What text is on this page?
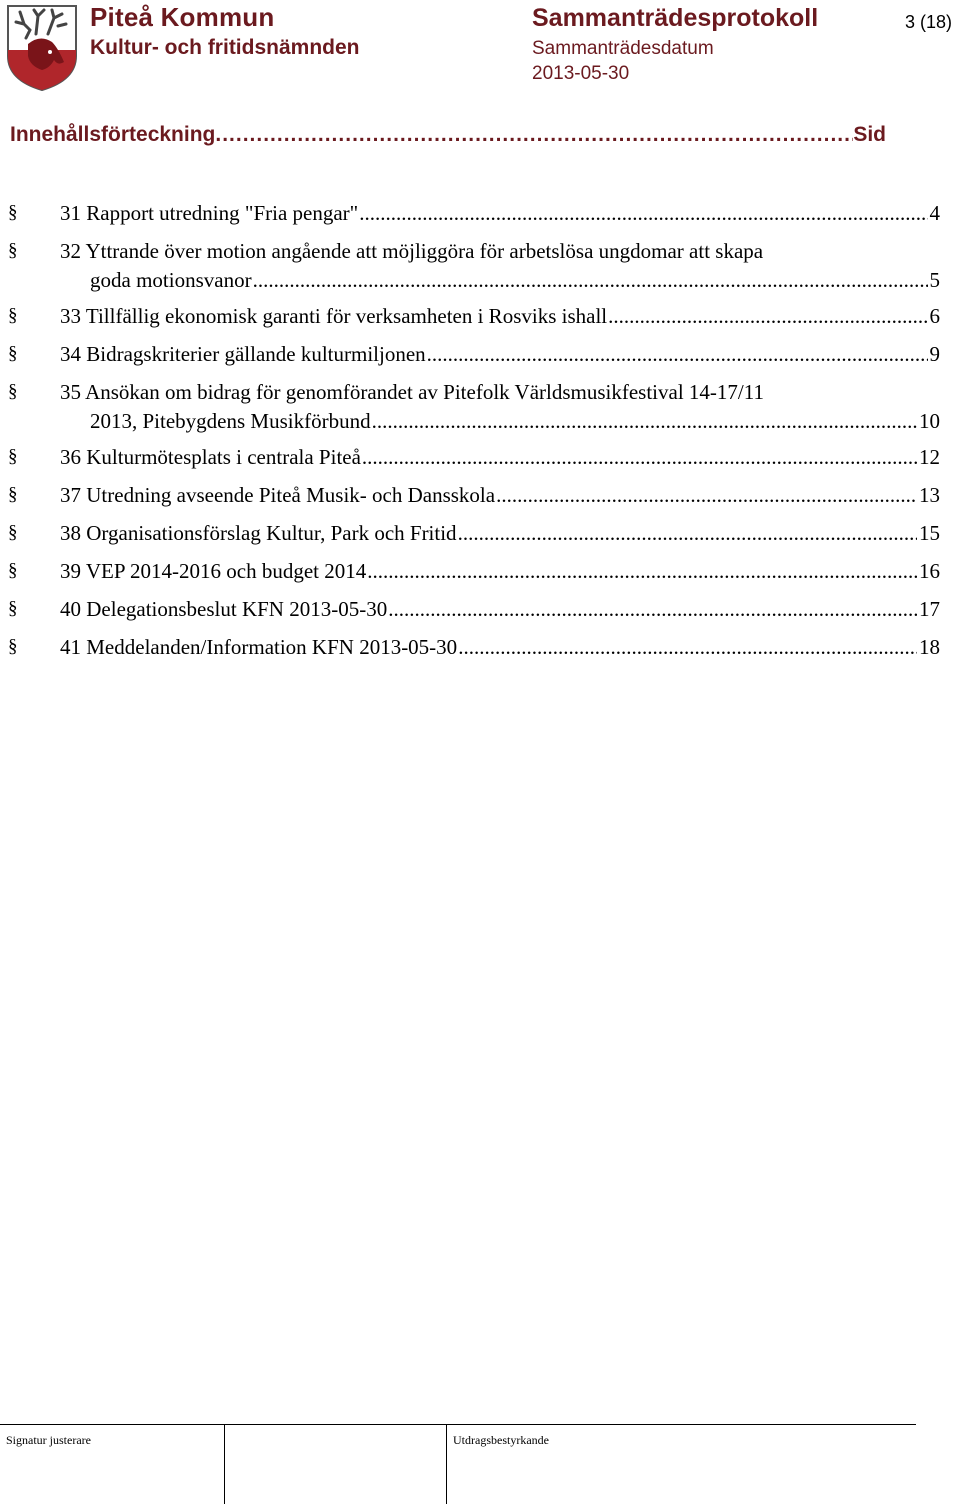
Piteå Kommun
Kultur- och fritidsnämnden
Sammanträdesprotokoll
Sammanträdesdatum
2013-05-30
3 (18)
Innehållsförteckning .....	Sid
§ 31 Rapport utredning "Fria pengar" .....	4
§ 32 Yttrande över motion angående att möjliggöra för arbetslösa ungdomar att skapa
goda motionsvanor .....	5
§ 33 Tillfällig ekonomisk garanti för verksamheten i Rosviks ishall .....	6
§ 34 Bidragskriterier gällande kulturmiljonen .....	9
§ 35 Ansökan om bidrag för genomförandet av Pitefolk Världsmusikfestival 14-17/11
2013, Pitebygdens Musikförbund .....	10
§ 36 Kulturmötesplats i centrala Piteå .....	12
§ 37 Utredning avseende Piteå Musik- och Dansskola .....	13
§ 38 Organisationsförslag Kultur, Park och Fritid .....	15
§ 39 VEP 2014-2016 och budget 2014 .....	16
§ 40 Delegationsbeslut KFN 2013-05-30 .....	17
§ 41 Meddelanden/Information KFN 2013-05-30 .....	18
Signatur justerare	Utdragsbestyrkande
